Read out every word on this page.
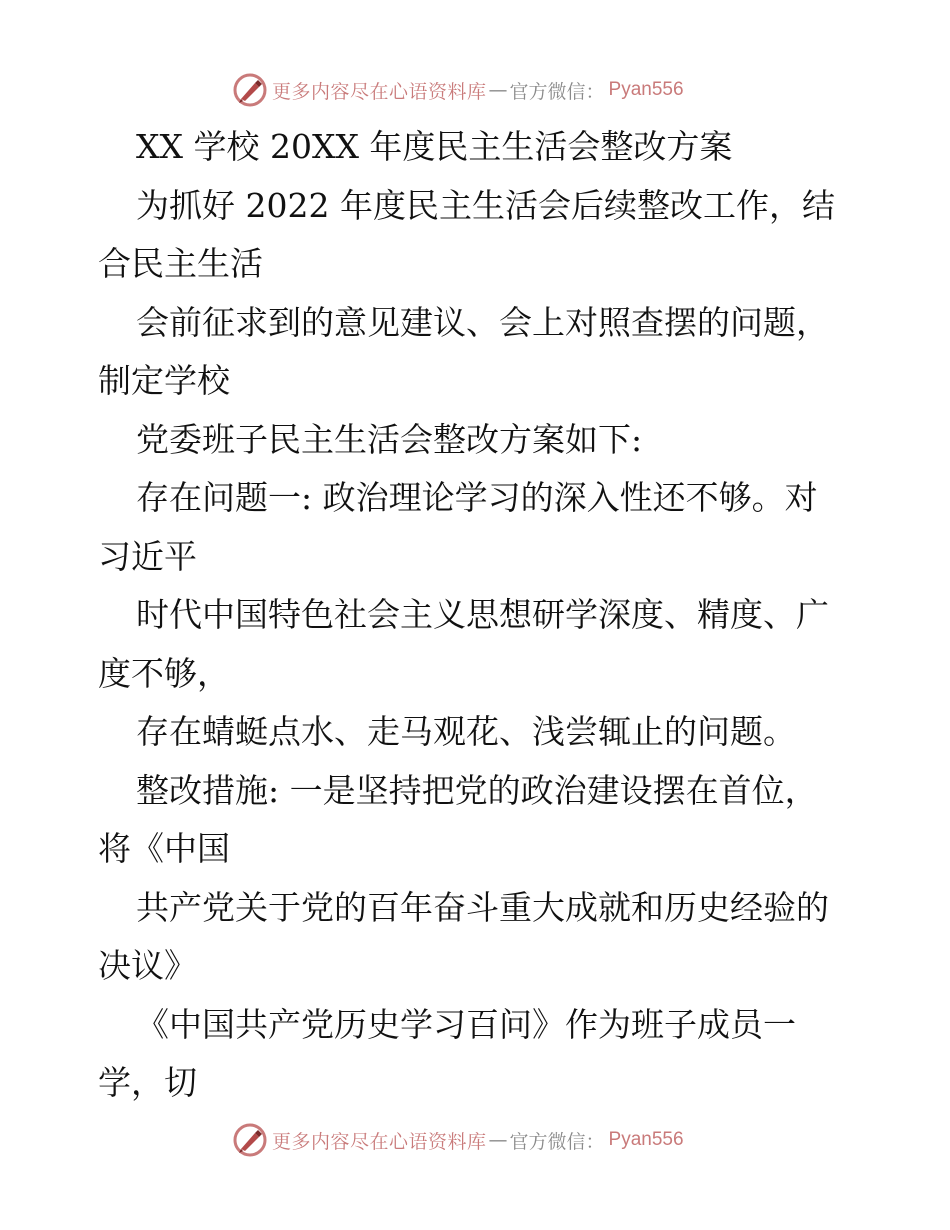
更多内容尽在心语资料库 — 官方微信： Pyan556
XX 学校 20XX 年度民主生活会整改方案
为抓好 2022 年度民主生活会后续整改工作，结
合民主生活
会前征求到的意见建议、会上对照查摆的问题，
制定学校
党委班子民主生活会整改方案如下:
存在问题一: 政治理论学习的深入性还不够。对
习近平
时代中国特色社会主义思想研学深度、精度、广
度不够，
存在蜻蜓点水、走马观花、浅尝辄止的问题。
整改措施: 一是坚持把党的政治建设摆在首位，
将《中国
共产党关于党的百年奋斗重大成就和历史经验的
决议》
《中国共产党历史学习百问》作为班子成员一
学，切
更多内容尽在心语资料库 — 官方微信： Pyan556
